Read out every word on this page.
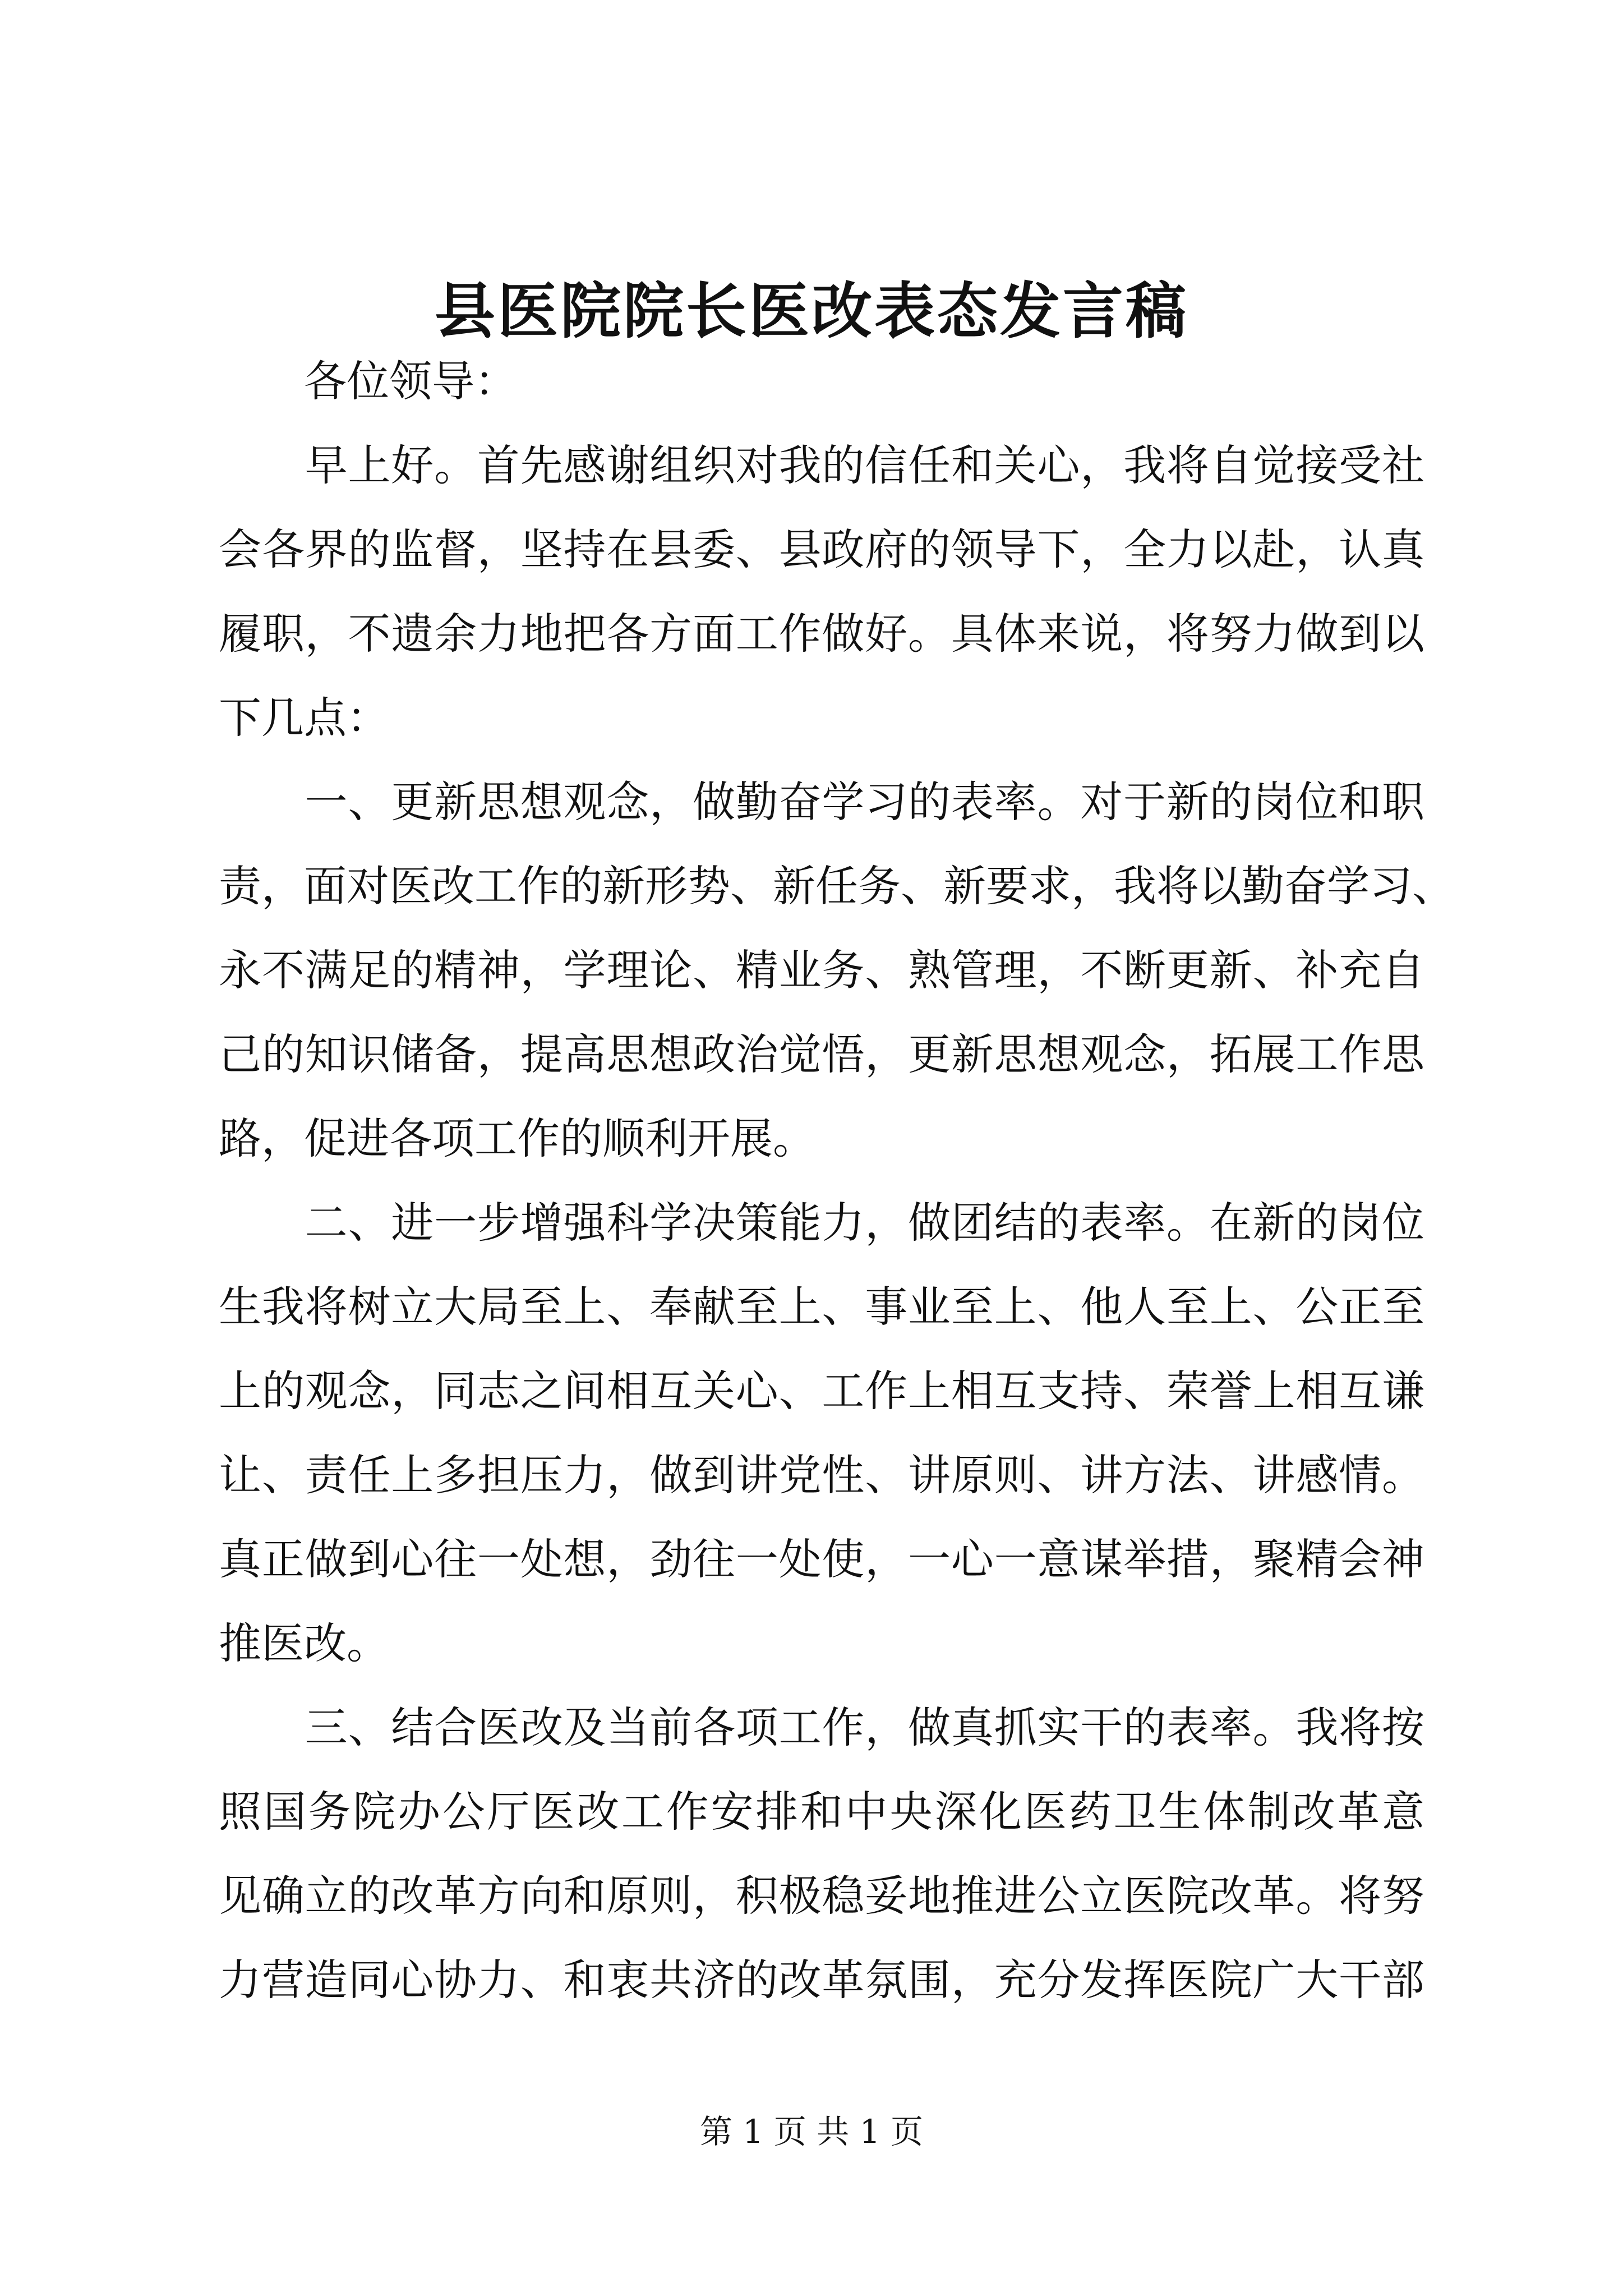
县医院院长医改表态发言稿
　　各位领导：
　　早上好。首先感谢组织对我的信任和关心，我将自觉接受社
会各界的监督，坚持在县委、县政府的领导下，全力以赴，认真
履职，不遗余力地把各方面工作做好。具体来说，将努力做到以
下几点：
　　一、更新思想观念，做勤奋学习的表率。对于新的岗位和职
责，面对医改工作的新形势、新任务、新要求，我将以勤奋学习、
永不满足的精神，学理论、精业务、熟管理，不断更新、补充自
己的知识储备，提高思想政治觉悟，更新思想观念，拓展工作思
路，促进各项工作的顺利开展。
　　二、进一步增强科学决策能力，做团结的表率。在新的岗位
生我将树立大局至上、奉献至上、事业至上、他人至上、公正至
上的观念，同志之间相互关心、工作上相互支持、荣誉上相互谦
让、责任上多担压力，做到讲党性、讲原则、讲方法、讲感情。
真正做到心往一处想，劲往一处使，一心一意谋举措，聚精会神
推医改。
　　三、结合医改及当前各项工作，做真抓实干的表率。我将按
照国务院办公厅医改工作安排和中央深化医药卫生体制改革意
见确立的改革方向和原则，积极稳妥地推进公立医院改革。将努
力营造同心协力、和衷共济的改革氛围，充分发挥医院广大干部
第 1 页 共 1 页
